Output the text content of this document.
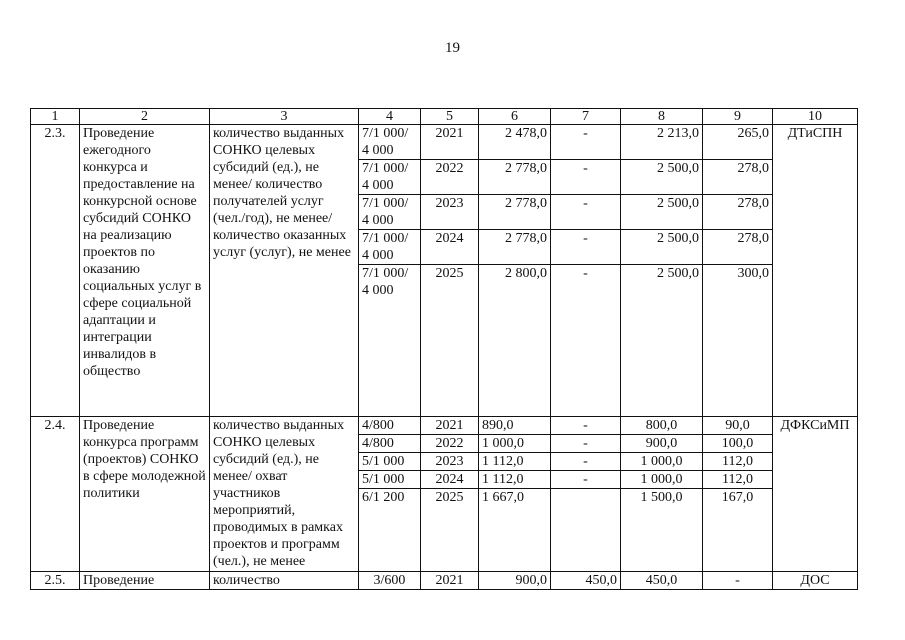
19
1	2	3	4	5	6	7	8	9	10
2.3.	Проведение ежегодного конкурса и предоставление на конкурсной основе субсидий СОНКО на реализацию проектов по оказанию социальных услуг в сфере социальной адаптации и интеграции инвалидов в общество	количество выданных СОНКО целевых субсидий (ед.), не менее/ количество получателей услуг (чел./год), не менее/ количество оказанных услуг (услуг), не менее	7/1 000/ 4 000	2021	2 478,0	-	2 213,0	265,0	ДТиСПН
			7/1 000/ 4 000	2022	2 778,0	-	2 500,0	278,0	
			7/1 000/ 4 000	2023	2 778,0	-	2 500,0	278,0	
			7/1 000/ 4 000	2024	2 778,0	-	2 500,0	278,0	
			7/1 000/ 4 000	2025	2 800,0	-	2 500,0	300,0	
2.4.	Проведение конкурса программ (проектов) СОНКО в сфере молодежной политики	количество выданных СОНКО целевых субсидий (ед.), не менее/ охват участников мероприятий, проводимых в рамках проектов и программ (чел.), не менее	4/800	2021	890,0	-	800,0	90,0	ДФКСиМП
			4/800	2022	1 000,0	-	900,0	100,0	
			5/1 000	2023	1 112,0	-	1 000,0	112,0	
			5/1 000	2024	1 112,0	-	1 000,0	112,0	
			6/1 200	2025	1 667,0		1 500,0	167,0	
2.5.	Проведение	количество	3/600	2021	900,0	450,0	450,0	-	ДОС
